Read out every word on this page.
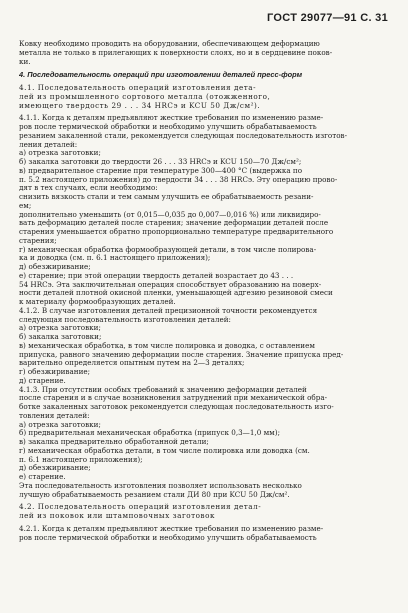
ГОСТ 29077—91 С. 31

Ковку необходимо проводить на оборудовании, обеспечивающем деформацию

металла не только в прилегающих к поверхности слоях, но и в сердцевине поков-

ки.

4. Последовательность операций при изготовлении деталей пресс-форм

4.1. Последовательность операций изготовления дета-

лей из промышленного сортового металла (отожженного,

имеющего твердость 29 . . . 34 HRCэ и KCU 50 Дж/см²).

4.1.1. Когда к деталям предъявляют жесткие требования по изменению разме-

ров после термической обработки и необходимо улучшить обрабатываемость

резанием закаленной стали, рекомендуется следующая последовательность изготов-

ления деталей:

а) отрезка заготовки;

б) закалка заготовки до твердости 26 . . . 33 HRCэ и KCU 150—70 Дж/см²;

в) предварительное старение при температуре 300—400 °С (выдержка по

п. 5.2 настоящего приложения) до твердости 34 . . . 38 HRCэ. Эту операцию прово-

дят в тех случаях, если необходимо:

снизить вязкость стали и тем самым улучшить ее обрабатываемость резани-

ем;

дополнительно уменьшить (от 0,015—0,035 до 0,007—0,016 %) или ликвидиро-

вать деформацию деталей после старения; значение деформации деталей после

старения уменьшается обратно пропорционально температуре предварительного

старения;

г) механическая обработка формообразующей детали, в том числе полирова-

ка и доводка (см. п. 6.1 настоящего приложения);

д) обезжиривание;

е) старение; при этой операции твердость деталей возрастает до 43 . . .

54 HRCэ. Эта заключительная операция способствует образованию на поверх-

ности деталей плотной окисной пленки, уменьшающей адгезию резиновой смеси

к материалу формообразующих деталей.

4.1.2. В случае изготовления деталей прецизионной точности рекомендуется

следующая последовательность изготовления деталей:

а) отрезка заготовки;

б) закалка заготовки;

в) механическая обработка, в том числе полировка и доводка, с оставлением

припуска, равного значению деформации после старения. Значение припуска пред-

варительно определяется опытным путем на 2—3 деталях;

г) обезжиривание;

д) старение.

4.1.3. При отсутствии особых требований к значению деформации деталей

после старения и в случае возникновения затруднений при механической обра-

ботке закаленных заготовок рекомендуется следующая последовательность изго-

товления деталей:

а) отрезка заготовки;

б) предварительная механическая обработка (припуск 0,3—1,0 мм);

в) закалка предварительно обработанной детали;

г) механическая обработка детали, в том числе полировка или доводка (см.

п. 6.1 настоящего приложения);

д) обезжиривание;

е) старение.

Эта последовательность изготовления позволяет использовать несколько

лучшую обрабатываемость резанием стали ДИ 80 при KCU 50 Дж/см².

4.2. Последовательность операций изготовления детал-

лей из поковок или штамповочных заготовок

4.2.1. Когда к деталям предъявляют жесткие требования по изменению разме-

ров после термической обработки и необходимо улучшить обрабатываемость
